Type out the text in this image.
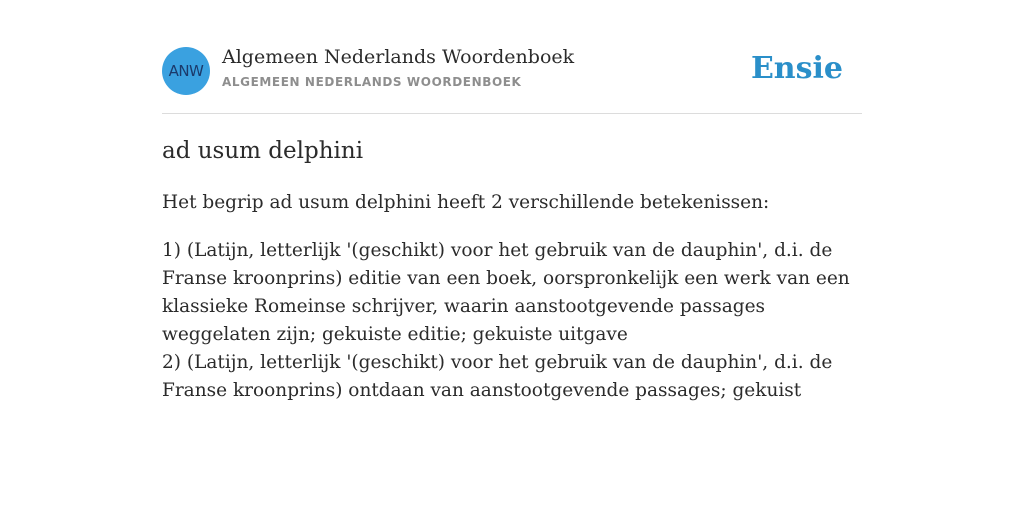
ANW
Algemeen Nederlands Woordenboek
ALGEMEEN NEDERLANDS WOORDENBOEK	Ensie
ad usum delphini
Het begrip ad usum delphini heeft 2 verschillende betekenissen:
1) (Latijn, letterlijk '(geschikt) voor het gebruik van de dauphin', d.i. de Franse kroonprins) editie van een boek, oorspronkelijk een werk van een klassieke Romeinse schrijver, waarin aanstootgevende passages weggelaten zijn; gekuiste editie; gekuiste uitgave
2) (Latijn, letterlijk '(geschikt) voor het gebruik van de dauphin', d.i. de Franse kroonprins) ontdaan van aanstootgevende passages; gekuist
